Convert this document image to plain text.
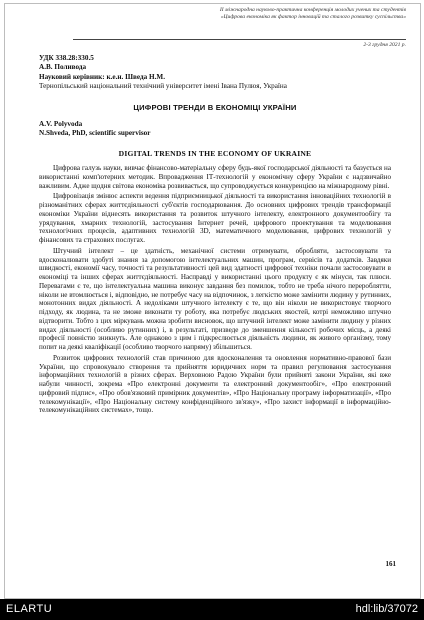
ІІ міжнародна науково-практична конференція молодих учених та студентів
«Цифрова економіка як фактор інновацій та сталого розвитку суспільства»
2-3 грудня 2021 р.
УДК 338.28:330.5
А.В. Поливода
Науковий керівник: к.е.н. Шведа Н.М.
Тернопільський національний технічний університет імені Івана Пулюя, Україна
ЦИФРОВІ ТРЕНДИ В ЕКОНОМІЦІ УКРАЇНИ
A.V. Polyvoda
N.Shveda, PhD, scientific supervisor
DIGITAL TRENDS IN THE ECONOMY OF UKRAINE

Цифрова галузь науки, вивчає фінансово-матеріальну сферу будь-якої господарської діяльності та базується на використанні комп'ютерних методик. Впровадження ІТ-технологій у економічну сферу України є надзвичайно важливим. Адже щодня світова економіка розвивається, що супроводжується конкуренцією на міжнародному рівні.

Цифровізація змінює аспекти ведення підприємницької діяльності та використання інноваційних технологій в різноманітних сферах життєдіяльності суб'єктів господарювання. До основних цифрових трендів трансформації економіки України віднесять використання та розвиток штучного інтелекту, електронного документообігу та урядування, хмарних технологій, застосування Інтернет речей, цифрового проектування та моделювання технологічних процесів, адаптивних технологій 3D, математичного моделювання, цифрових технологій у фінансових та страхових послугах.

Штучний інтелект – це здатність, механічної системи отримувати, обробляти, застосовувати та вдосконалювати здобуті знання за допомогою інтелектуальних машин, програм, сервісів та додатків. Завдяки швидкості, економії часу, точності та результативності цей вид здатності цифрової техніки почали застосовувати в економіці та інших сферах життєдіяльності. Насправді у використанні цього продукту є як мінуси, так плюси. Перевагами є те, що інтелектуальна машина виконує завдання без помилок, тобто не треба нічого перероблятти, ніколи не втомлюється і, відповідно, не потребує часу на відпочинок, з легкістю може замінити людину у рутинних, монотонних видах діяльності. А недоліками штучного інтелекту є те, що він ніколи не використовує творчого підходу, як людина, та не зможе виконати ту роботу, яка потребує людських якостей, котрі неможливо штучно відтворити. Тобто з цих міркувань можна зробити висновок, що штучний інтелект може замінити людину у різних видах діяльності (особливо рутинних) і, в результаті, призведе до зменшення кількості робочих місць, а деякі професії повністю зникнуть. Але однаково з цим і підкреслюється діяльність людини, як живого організму, тому попит на деякі кваліфікації (особливо творчого напряму) збільшиться.

Розвиток цифрових технологій став причиною для вдосконалення та оновлення нормативно-правової бази України, що спровокувало створення та прийняття юридичних норм та правил регулювання застосування інформаційних технологій в різних сферах. Верховною Радою України були прийняті закони України, які вже набули чинності, зокрема «Про електронні документи та електронний документообіг», «Про електронний цифровий підпис», «Про обов'язковий примірник документів», «Про Національну програму інформатизації», «Про телекомунікації», «Про Національну систему конфіденційного зв'язку», «Про захист інформації в інформаційно-телекомунікаційних системах», тощо.

161
ELARTU	hdl:lib/37072
